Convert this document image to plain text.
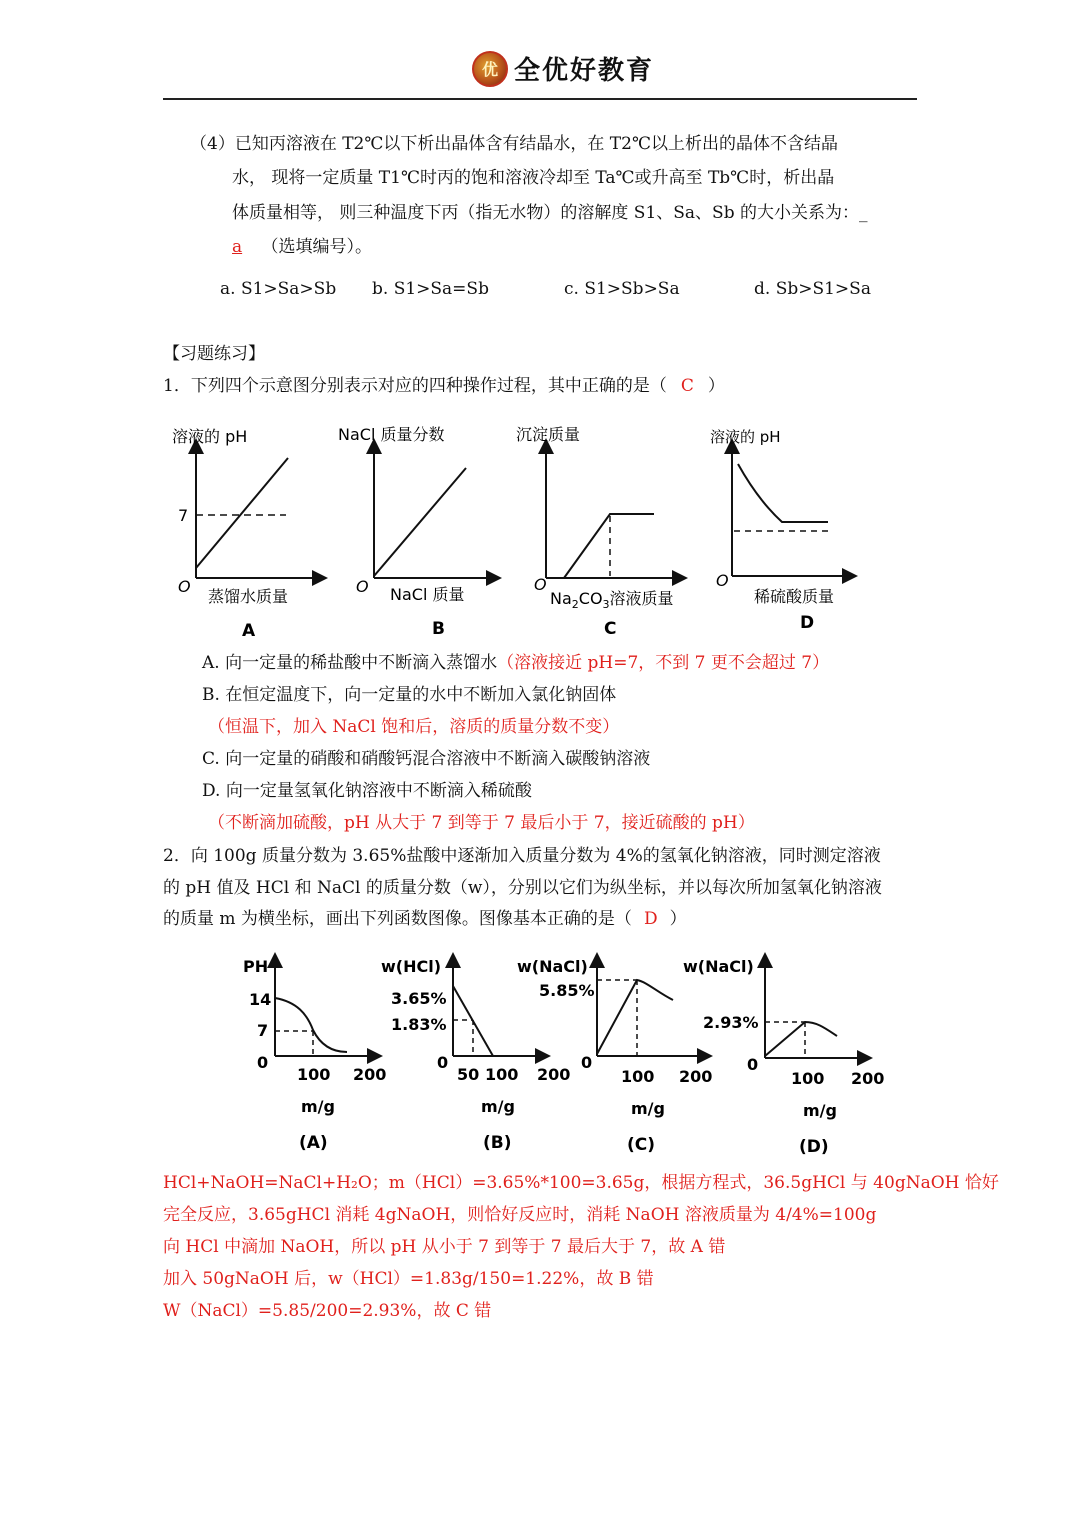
优 全优好教育
（4）已知丙溶液在 T2℃以下析出晶体含有结晶水，在 T2℃以上析出的晶体不含结晶
水， 现将一定质量 T1℃时丙的饱和溶液冷却至 Ta℃或升高至 Tb℃时，析出晶
体质量相等， 则三种温度下丙（指无水物）的溶解度 S1、Sa、Sb 的大小关系为：_
a （选填编号）。
a. S1>Sa>Sb b. S1>Sa=Sb	c. S1>Sb>Sa	d. Sb>S1>Sa
【习题练习】
1．下列四个示意图分别表示对应的四种操作过程，其中正确的是（ C ）
溶液的 pH
7
O
蒸馏水质量
A
NaCl 质量分数
O NaCl 质量
B
沉淀质量
O
$Na_2CO_3$溶液质量
C
溶液的 pH
O
稀硫酸质量
D
A. 向一定量的稀盐酸中不断滴入蒸馏水（溶液接近 pH=7，不到 7 更不会超过 7）
B. 在恒定温度下，向一定量的水中不断加入氯化钠固体
（恒温下，加入 NaCl 饱和后，溶质的质量分数不变）
C. 向一定量的硝酸和硝酸钙混合溶液中不断滴入碳酸钠溶液
D. 向一定量氢氧化钠溶液中不断滴入稀硫酸
（不断滴加硫酸，pH 从大于 7 到等于 7 最后小于 7，接近硫酸的 pH）
2．向 100g 质量分数为 3.65%盐酸中逐渐加入质量分数为 4%的氢氧化钠溶液，同时测定溶液
的 pH 值及 HCl 和 NaCl 的质量分数（w），分别以它们为纵坐标，并以每次所加氢氧化钠溶液
的质量 m 为横坐标，画出下列函数图像。图像基本正确的是（ D ）
PH
14
7
0
100 200
m/g
(A)
w(HCl)
3.65%
1.83%
0
50 100 200
m/g
(B)
w(NaCl)
5.85%
0
100 200
m/g
(C)
w(NaCl)
2.93%
0
100 200
m/g
(D)
HCl+NaOH=NaCl+H₂O；m（HCl）=3.65%*100=3.65g，根据方程式，36.5gHCl 与 40gNaOH 恰好
完全反应，3.65gHCl 消耗 4gNaOH，则恰好反应时，消耗 NaOH 溶液质量为 4/4%=100g
向 HCl 中滴加 NaOH，所以 pH 从小于 7 到等于 7 最后大于 7，故 A 错
加入 50gNaOH 后，w（HCl）=1.83g/150=1.22%，故 B 错
W（NaCl）=5.85/200=2.93%，故 C 错
